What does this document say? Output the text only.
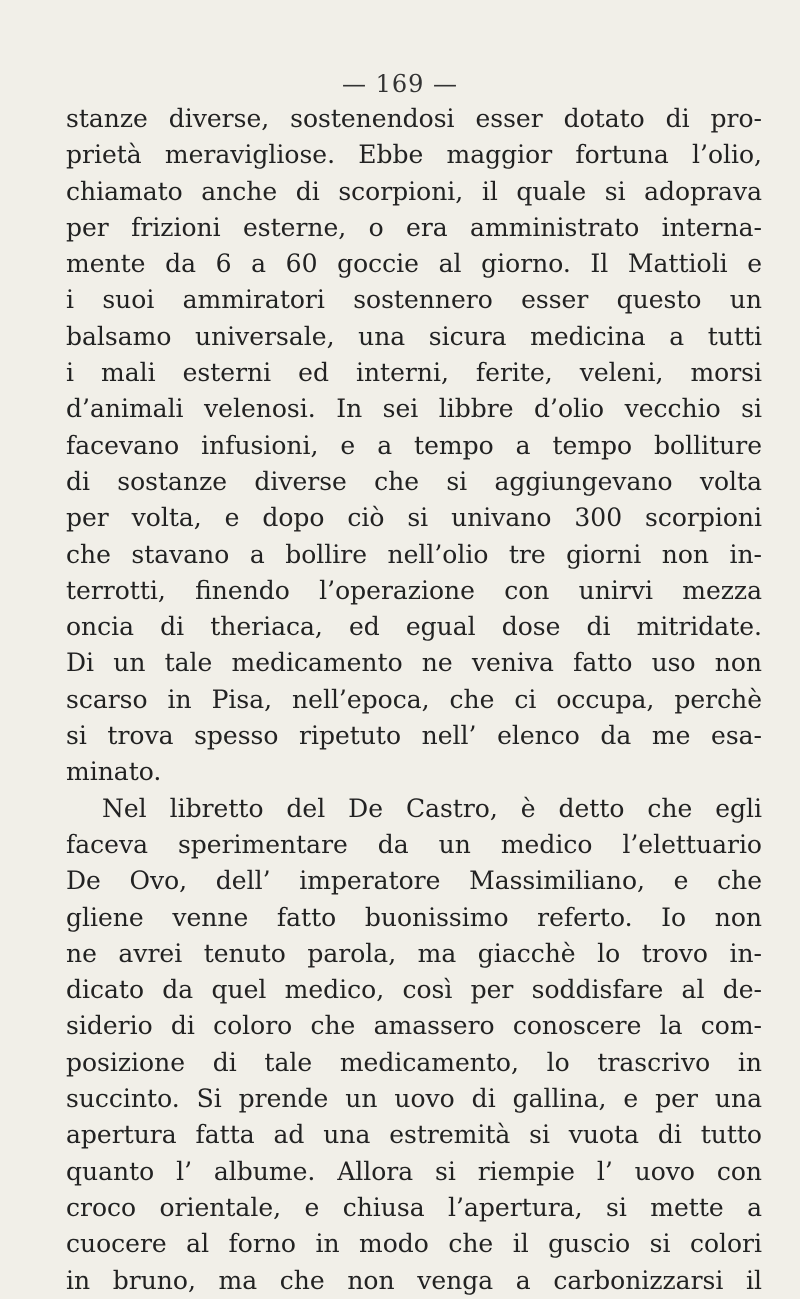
— 169 —
stanze diverse, sostenendosi esser dotato di pro-
prietà meravigliose. Ebbe maggior fortuna l’olio,
chiamato anche di scorpioni, il quale si adoprava
per frizioni esterne, o era amministrato interna-
mente da 6 a 60 goccie al giorno. Il Mattioli e
i suoi ammiratori sostennero esser questo un
balsamo universale, una sicura medicina a tutti
i mali esterni ed interni, ferite, veleni, morsi
d’animali velenosi. In sei libbre d’olio vecchio si
facevano infusioni, e a tempo a tempo bolliture
di sostanze diverse che si aggiungevano volta
per volta, e dopo ciò si univano 300 scorpioni
che stavano a bollire nell’olio tre giorni non in-
terrotti, finendo l’operazione con unirvi mezza
oncia di theriaca, ed egual dose di mitridate.
Di un tale medicamento ne veniva fatto uso non
scarso in Pisa, nell’epoca, che ci occupa, perchè
si trova spesso ripetuto nell’ elenco da me esa-
minato.
Nel libretto del De Castro, è detto che egli
faceva sperimentare da un medico l’elettuario
De Ovo, dell’ imperatore Massimiliano, e che
gliene venne fatto buonissimo referto. Io non
ne avrei tenuto parola, ma giacchè lo trovo in-
dicato da quel medico, così per soddisfare al de-
siderio di coloro che amassero conoscere la com-
posizione di tale medicamento, lo trascrivo in
succinto. Si prende un uovo di gallina, e per una
apertura fatta ad una estremità si vuota di tutto
quanto l’ albume. Allora si riempie l’ uovo con
croco orientale, e chiusa l’apertura, si mette a
cuocere al forno in modo che il guscio si colori
in bruno, ma che non venga a carbonizzarsi il
